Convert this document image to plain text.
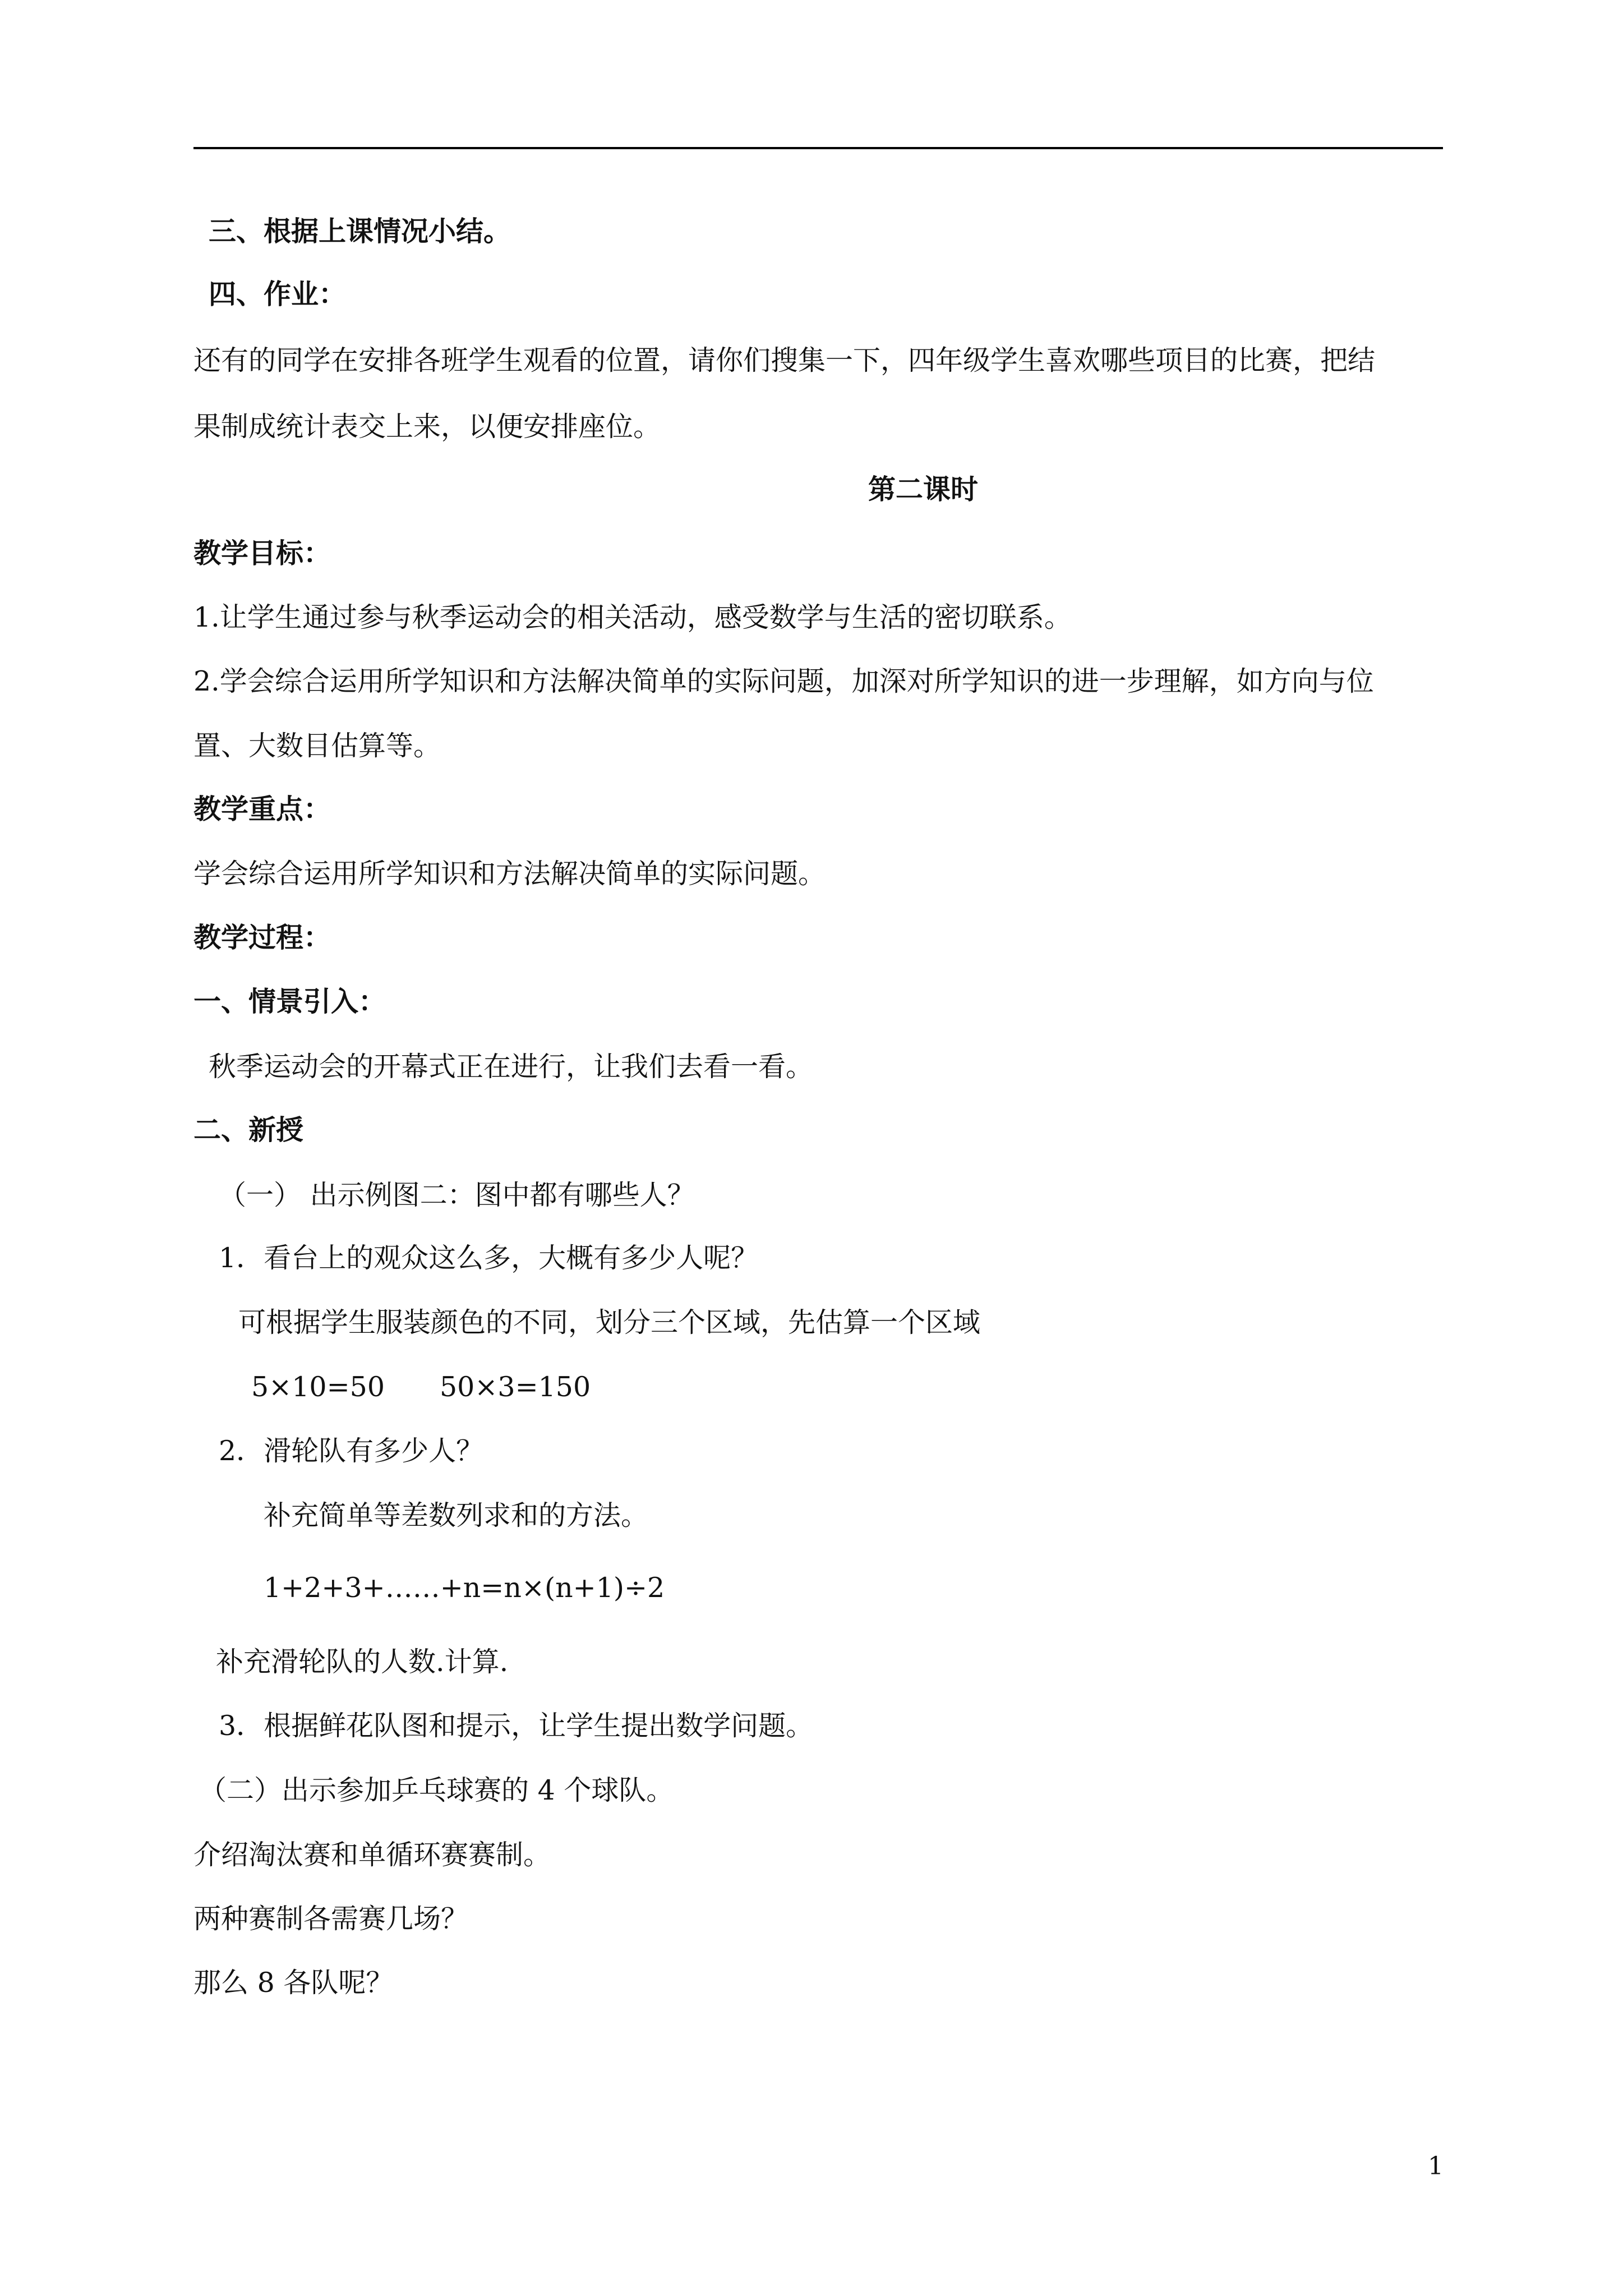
三、根据上课情况小结。
四、作业：
还有的同学在安排各班学生观看的位置，请你们搜集一下，四年级学生喜欢哪些项目的比赛，把结
果制成统计表交上来，以便安排座位。
第二课时
教学目标：
1.让学生通过参与秋季运动会的相关活动，感受数学与生活的密切联系。
2.学会综合运用所学知识和方法解决简单的实际问题，加深对所学知识的进一步理解，如方向与位
置、大数目估算等。
教学重点：
学会综合运用所学知识和方法解决简单的实际问题。
教学过程：
一、情景引入：
秋季运动会的开幕式正在进行，让我们去看一看。
二、新授
（一） 出示例图二：图中都有哪些人？
1．看台上的观众这么多，大概有多少人呢？
可根据学生服装颜色的不同，划分三个区域，先估算一个区域
5×10=50　　50×3=150
2．滑轮队有多少人？
补充简单等差数列求和的方法。
1+2+3+……+n=n×(n+1)÷2
补充滑轮队的人数.计算.
3．根据鲜花队图和提示，让学生提出数学问题。
（二）出示参加乒乓球赛的 4 个球队。
介绍淘汰赛和单循环赛赛制。
两种赛制各需赛几场？
那么 8 各队呢？
1
